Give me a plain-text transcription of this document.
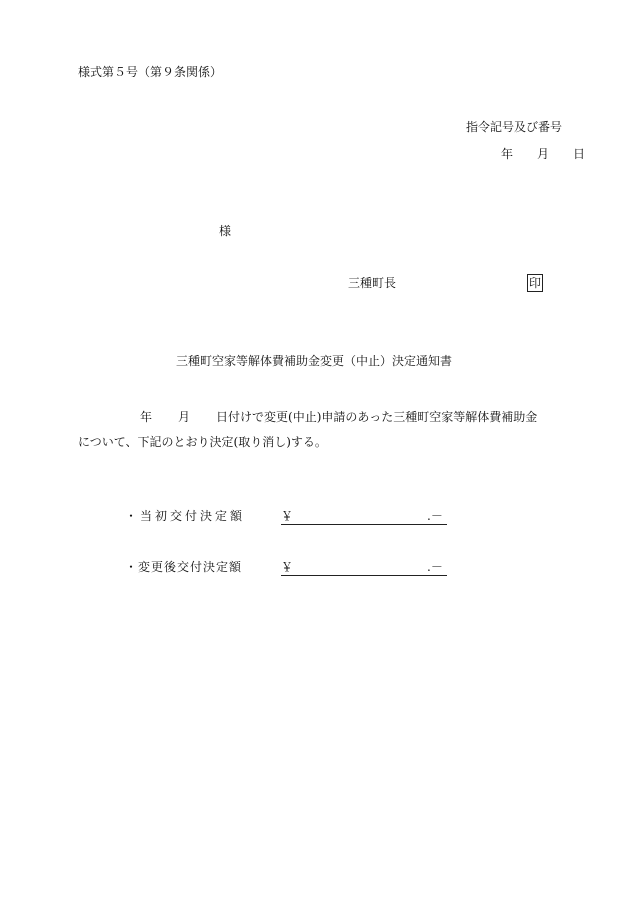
様式第５号（第９条関係）
指令記号及び番号
年 月 日
様
三種町長	印
三種町空家等解体費補助金変更（中止）決定通知書
年 月 日付けで変更(中止)申請のあった三種町空家等解体費補助金
について、下記のとおり決定(取り消し)する。
・当初交付決定額	￥	.－
・変更後交付決定額	￥	.－
